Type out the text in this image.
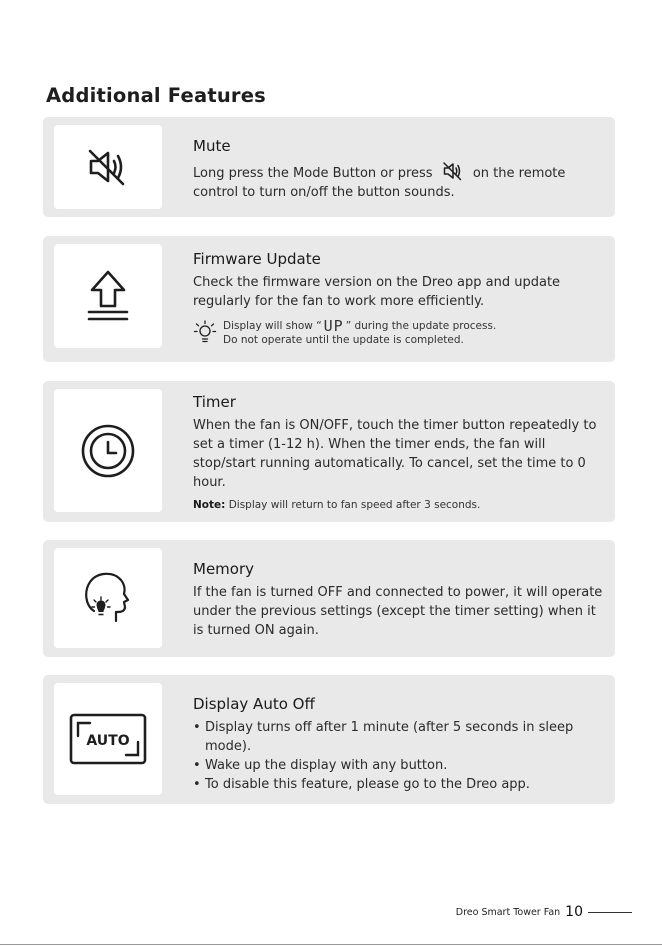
Additional Features
Mute

Long press the Mode Button or press	on the remote control to turn on/off the button sounds.

Firmware Update

Check the firmware version on the Dreo app and update regularly for the fan to work more efficiently.

Display will show “ UP ” during the update process.
Do not operate until the update is completed.
Timer

When the fan is ON/OFF, touch the timer button repeatedly to set a timer (1-12 h). When the timer ends, the fan will stop/start running automatically. To cancel, set the time to 0 hour.

Note: Display will return to fan speed after 3 seconds.
Memory

If the fan is turned OFF and connected to power, it will operate under the previous settings (except the timer setting) when it is turned ON again.

AUTO
Display Auto Off
• Display turns off after 1 minute (after 5 seconds in sleep mode).
• Wake up the display with any button.
• To disable this feature, please go to the Dreo app.
Dreo Smart Tower Fan 10
